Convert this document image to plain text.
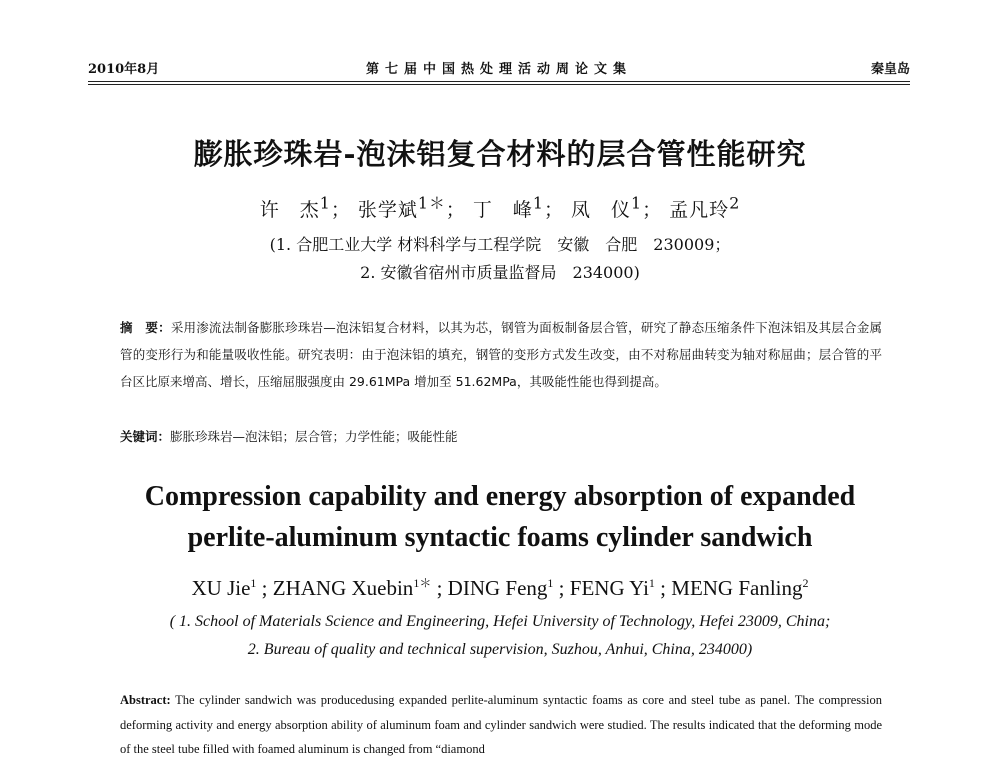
2010年8月	第七届中国热处理活动周论文集	秦皇岛
膨胀珍珠岩-泡沫铝复合材料的层合管性能研究
许　杰$^1$； 张学斌$^{1*}$； 丁　峰$^1$； 凤　仪$^1$； 孟凡玲$^2$
(1. 合肥工业大学 材料科学与工程学院　安徽　合肥　230009；
2. 安徽省宿州市质量监督局　234000)
摘　要：采用渗流法制备膨胀珍珠岩—泡沫铝复合材料，以其为芯，钢管为面板制备层合管，研究了静态压缩条件下泡沫铝及其层合金属管的变形行为和能量吸收性能。研究表明：由于泡沫铝的填充，钢管的变形方式发生改变，由不对称屈曲转变为轴对称屈曲；层合管的平台区比原来增高、增长，压缩屈服强度由 29.61MPa 增加至 51.62MPa，其吸能性能也得到提高。
关键词：膨胀珍珠岩—泡沫铝；层合管；力学性能；吸能性能
Compression capability and energy absorption of expanded
perlite-aluminum syntactic foams cylinder sandwich
XU Jie$^1$ ; ZHANG Xuebin$^{1*}$ ; DING Feng$^1$ ; FENG Yi$^1$ ; MENG Fanling$^2$
( 1. School of Materials Science and Engineering, Hefei University of Technology, Hefei 23009, China;
2. Bureau of quality and technical supervision, Suzhou, Anhui, China, 234000)
Abstract: The cylinder sandwich was producedusing expanded perlite-aluminum syntactic foams as core and steel tube as panel. The compression deforming activity and energy absorption ability of aluminum foam and cylinder sandwich were studied. The results indicated that the deforming mode of the steel tube filled with foamed aluminum is changed from “diamond
